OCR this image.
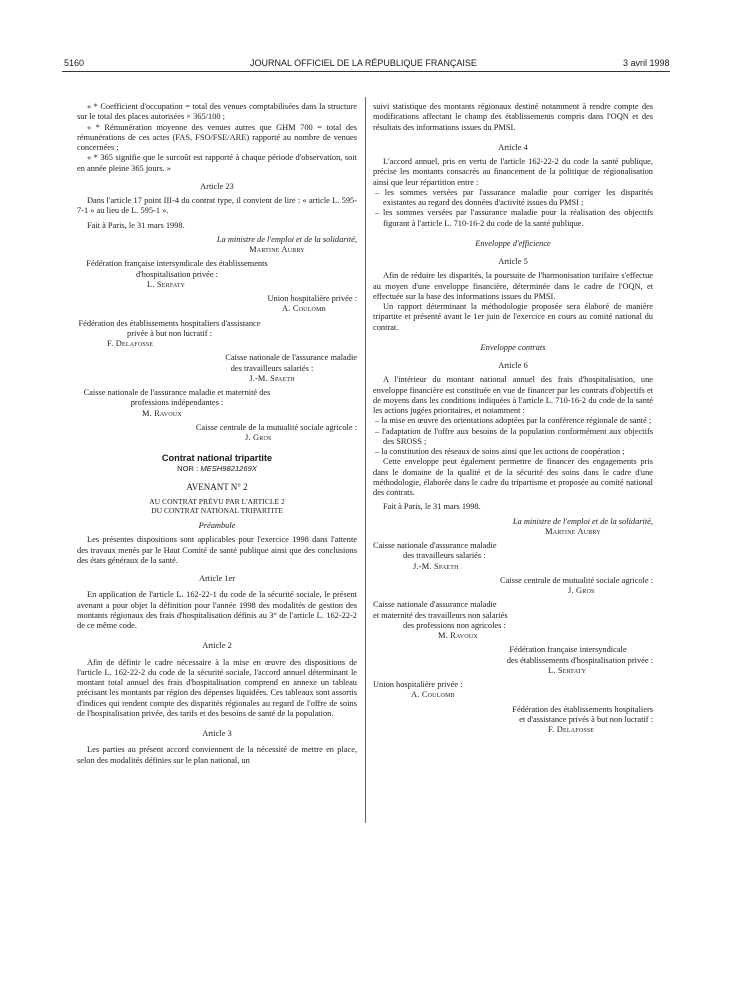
5160	JOURNAL OFFICIEL DE LA RÉPUBLIQUE FRANÇAISE	3 avril 1998

« * Coefficient d'occupation = total des venues comptabilisées dans la structure sur le total des places autorisées × 365/100 ;

« * Rémunération moyenne des venues autres que GHM 700 = total des rémunérations de ces actes (FAS, FSO/FSE/ARE) rapporté au nombre de venues concernées ;

« * 365 signifie que le surcoût est rapporté à chaque période d'observation, soit en année pleine 365 jours. »

Article 23

Dans l'article 17 point III-4 du contrat type, il convient de lire : « article L. 595-7-1 » au lieu de L. 595-1 ».

Fait à Paris, le 31 mars 1998.

La ministre de l'emploi et de la solidarité,

Martine Aubry

Fédération française intersyndicale des établissements d'hospitalisation privée :

L. Serfaty

Union hospitalière privée :

A. Coulomb

Fédération des établissements hospitaliers d'assistance privée à but non lucratif :

F. Delafosse

Caisse nationale de l'assurance maladie

des travailleurs salariés :

J.-M. Spaeth

Caisse nationale de l'assurance maladie et maternité des professions indépendantes :

M. Ravoux

Caisse centrale de la mutualité sociale agricole :

J. Gros

Contrat national tripartite

NOR : MESH9821269X

AVENANT N° 2

AU CONTRAT PRÉVU PAR L'ARTICLE 2

DU CONTRAT NATIONAL TRIPARTITE

Préambule

Les présentes dispositions sont applicables pour l'exercice 1998 dans l'attente des travaux menés par le Haut Comité de santé publique ainsi que des conclusions des états généraux de la santé.

Article 1er

En application de l'article L. 162-22-1 du code de la sécurité sociale, le présent avenant a pour objet la définition pour l'année 1998 des modalités de gestion des montants régionaux des frais d'hospitalisation définis au 3° de l'article L. 162-22-2 de ce même code.

Article 2

Afin de définir le cadre nécessaire à la mise en œuvre des dispositions de l'article L. 162-22-2 du code de la sécurité sociale, l'accord annuel déterminant le montant total annuel des frais d'hospitalisation comprend en annexe un tableau précisant les montants par région des dépenses liquidées. Ces tableaux sont assortis d'indices qui rendent compte des disparités régionales au regard de l'offre de soins de l'hospitalisation privée, des tarifs et des besoins de santé de la population.

Article 3

Les parties au présent accord conviennent de la nécessité de mettre en place, selon des modalités définies sur le plan national, un

suivi statistique des montants régionaux destiné notamment à rendre compte des modifications affectant le champ des établissements compris dans l'OQN et des résultats des informations issues du PMSI.

Article 4

L'accord annuel, pris en vertu de l'article 162-22-2 du code la santé publique, précise les montants consacrés au financement de la politique de régionalisation ainsi que leur répartition entre :

– les sommes versées par l'assurance maladie pour corriger les disparités existantes au regard des données d'activité issues du PMSI ;

– les sommes versées par l'assurance maladie pour la réalisation des objectifs figurant à l'article L. 710-16-2 du code de la santé publique.

Enveloppe d'efficience

Article 5

Afin de réduire les disparités, la poursuite de l'harmonisation tarifaire s'effectue au moyen d'une enveloppe financière, déterminée dans le cadre de l'OQN, et effectuée sur la base des informations issues du PMSI.

Un rapport déterminant la méthodologie proposée sera élaboré de manière tripartite et présenté avant le 1er juin de l'exercice en cours au comité national du contrat.

Enveloppe contrats

Article 6

A l'intérieur du montant national annuel des frais d'hospitalisation, une enveloppe financière est constituée en vue de financer par les contrats d'objectifs et de moyens dans les conditions indiquées à l'article L. 710-16-2 du code de la santé les actions jugées prioritaires, et notamment :

– la mise en œuvre des orientations adoptées par la conférence régionale de santé ;

– l'adaptation de l'offre aux besoins de la population conformément aux objectifs des SROSS ;

– la constitution des réseaux de soins ainsi que les actions de coopération ;

Cette enveloppe peut également permettre de financer des engagements pris dans le domaine de la qualité et de la sécurité des soins dans le cadre d'une méthodologie, élaborée dans le cadre du tripartisme et proposée au comité national des contrats.

Fait à Paris, le 31 mars 1998.

La ministre de l'emploi et de la solidarité,

Martine Aubry

Caisse nationale d'assurance maladie

des travailleurs salariés :

J.-M. Spaeth

Caisse centrale de mutualité sociale agricole :

J. Gros

Caisse nationale d'assurance maladie

et maternité des travailleurs non salariés

des professions non agricoles :

M. Ravoux

Fédération française intersyndicale

des établissements d'hospitalisation privée :

L. Serfaty

Union hospitalière privée :

A. Coulomb

Fédération des établissements hospitaliers

et d'assistance privés à but non lucratif :

F. Delafosse
